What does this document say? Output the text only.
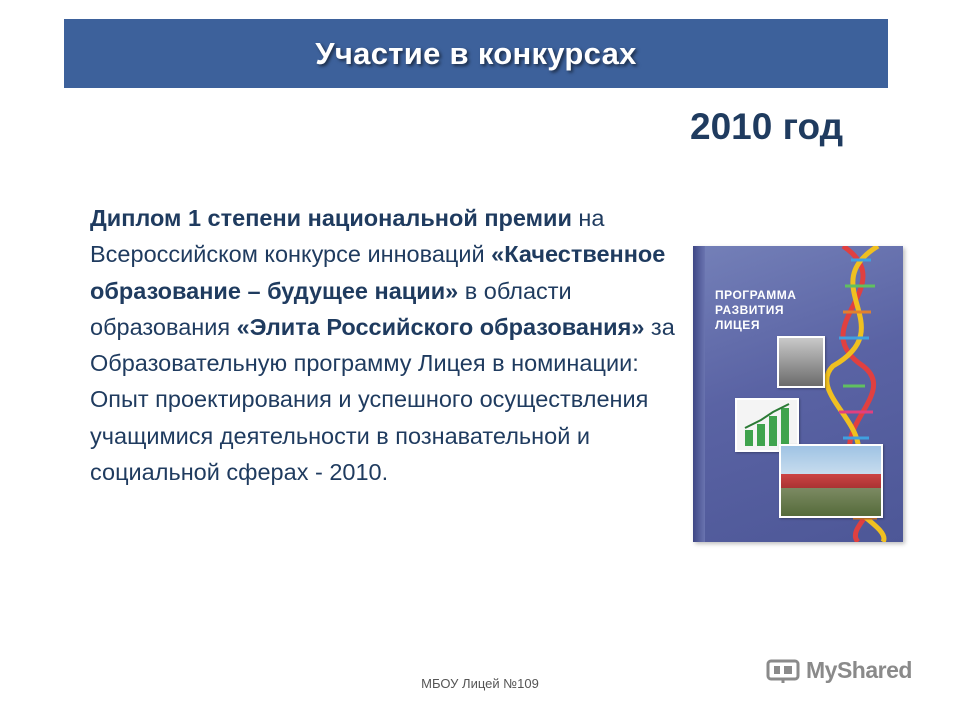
Участие в конкурсах
2010 год
Диплом 1 степени национальной премии на Всероссийском конкурсе инноваций «Качественное образование – будущее нации» в области образования «Элита Российского образования» за Образовательную программу Лицея в номинации: Опыт проектирования и успешного осуществления учащимися деятельности в познавательной и социальной сферах - 2010.
ПРОГРАММА
РАЗВИТИЯ
ЛИЦЕЯ
МБОУ Лицей №109
MyShared
